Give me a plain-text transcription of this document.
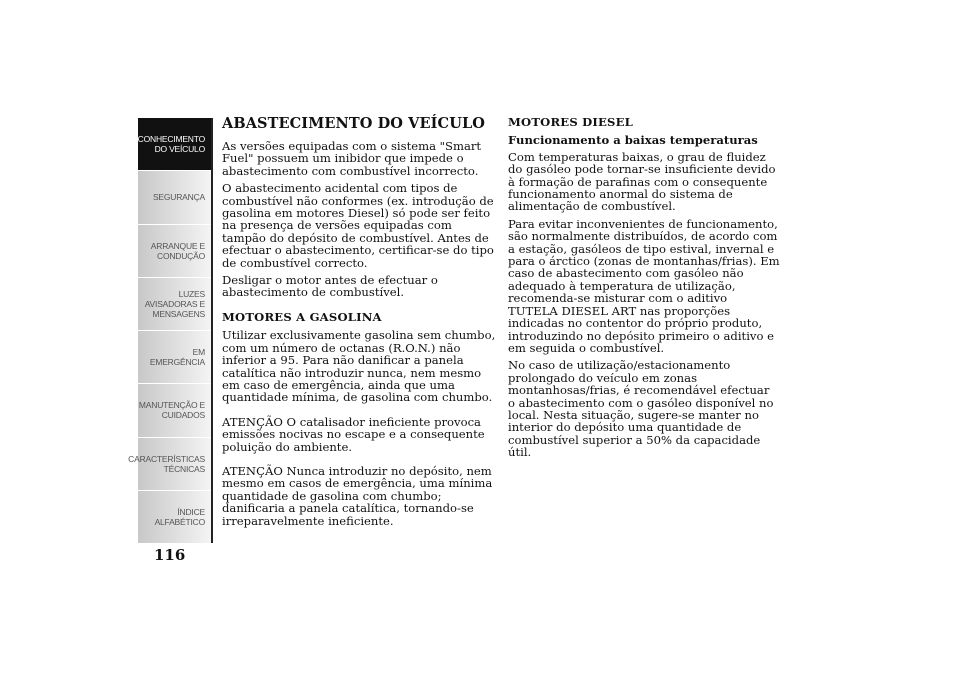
CONHECIMENTO
DO VEÍCULO
SEGURANÇA
ARRANQUE E
CONDUÇÃO
LUZES
AVISADORAS E
MENSAGENS
EM EMERGÊNCIA
MANUTENÇÃO E
CUIDADOS
CARACTERÍSTICAS
TÉCNICAS
ÍNDICE
ALFABÉTICO
116
ABASTECIMENTO DO VEÍCULO

As versões equipadas com o sistema "Smart Fuel" possuem um inibidor que impede o abastecimento com combustível incorrecto.

O abastecimento acidental com tipos de combustível não conformes (ex. introdução de gasolina em motores Diesel) só pode ser feito na presença de versões equipadas com tampão do depósito de combustível. Antes de efectuar o abastecimento, certificar-se do tipo de combustível correcto.

Desligar o motor antes de efectuar o abastecimento de combustível.

MOTORES A GASOLINA

Utilizar exclusivamente gasolina sem chumbo, com um número de octanas (R.O.N.) não inferior a 95. Para não danificar a panela catalítica não introduzir nunca, nem mesmo em caso de emergência, ainda que uma quantidade mínima, de gasolina com chumbo.

ATENÇÃO O catalisador ineficiente provoca emissões nocivas no escape e a consequente poluição do ambiente.

ATENÇÃO Nunca introduzir no depósito, nem mesmo em casos de emergência, uma mínima quantidade de gasolina com chumbo; danificaria a panela catalítica, tornando-se irreparavelmente ineficiente.

MOTORES DIESEL
Funcionamento a baixas temperaturas

Com temperaturas baixas, o grau de fluidez do gasóleo pode tornar-se insuficiente devido à formação de parafinas com o consequente funcionamento anormal do sistema de alimentação de combustível.

Para evitar inconvenientes de funcionamento, são normalmente distribuídos, de acordo com a estação, gasóleos de tipo estival, invernal e para o árctico (zonas de montanhas/frias). Em caso de abastecimento com gasóleo não adequado à temperatura de utilização, recomenda-se misturar com o aditivo TUTELA DIESEL ART nas proporções indicadas no contentor do próprio produto, introduzindo no depósito primeiro o aditivo e em seguida o combustível.

No caso de utilização/estacionamento prolongado do veículo em zonas montanhosas/frias, é recomendável efectuar o abastecimento com o gasóleo disponível no local. Nesta situação, sugere-se manter no interior do depósito uma quantidade de combustível superior a 50% da capacidade útil.
